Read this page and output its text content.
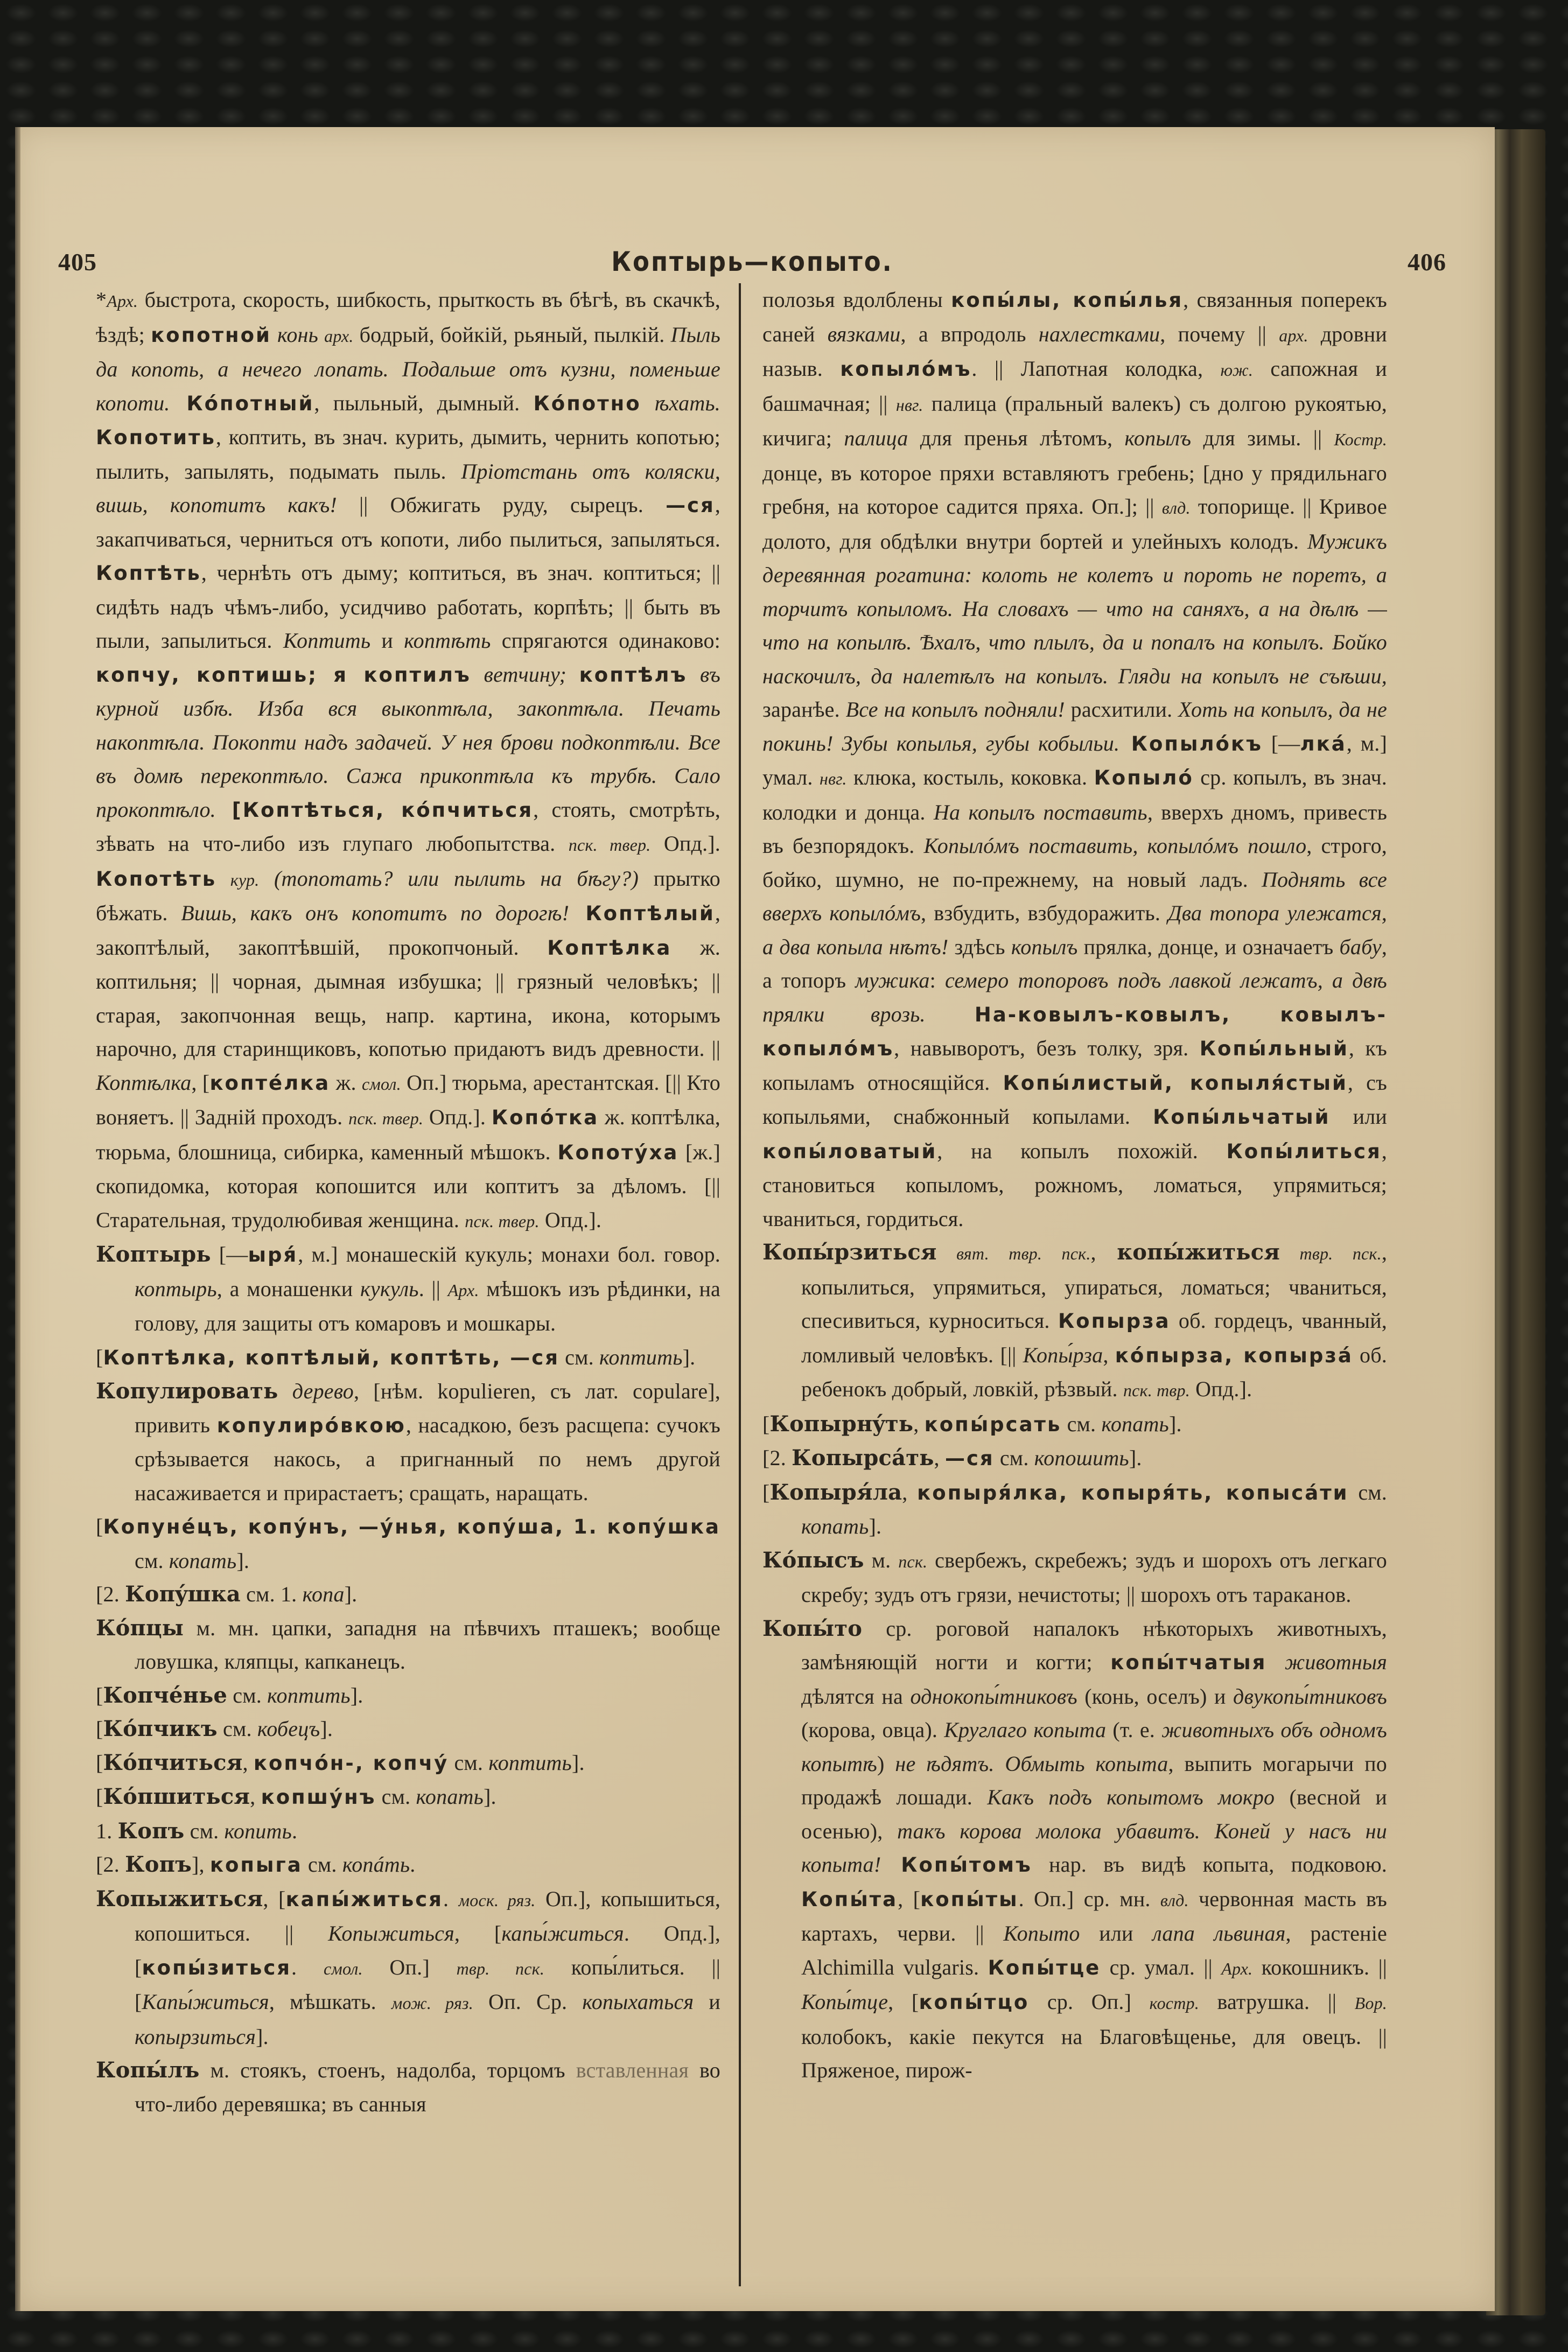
405	Коптырь—копыто.	406

*Арх. быстрота, скорость, шибкость, прыткость въ бѣгѣ, въ скачкѣ, ѣздѣ; копотной конь арх. бодрый, бойкій, рьяный, пылкій. Пыль да копоть, а нечего лопать. Подальше отъ кузни, поменьше копоти. Кóпотный, пыльный, дымный. Кóпотно ѣхать. Копотить, коптить, въ знач. курить, дымить, чернить копотью; пылить, запылять, подымать пыль. Пріотстань отъ коляски, вишь, копотитъ какъ! || Обжигать руду, сырецъ. —ся, закапчиваться, черниться отъ копоти, либо пылиться, запыляться. Коптѣть, чернѣть отъ дыму; коптиться, въ знач. коптиться; || сидѣть надъ чѣмъ-либо, усидчиво работать, корпѣть; || быть въ пыли, запылиться. Коптить и коптѣть спрягаются одинаково: копчу, коптишь; я коптилъ ветчину; коптѣлъ въ курной избѣ. Изба вся выкоптѣла, закоптѣла. Печать накоптѣла. Покопти надъ задачей. У нея брови подкоптѣли. Все въ домѣ перекоптѣло. Сажа прикоптѣла къ трубѣ. Сало прокоптѣло. [Коптѣться, кóпчиться, стоять, смотрѣть, зѣвать на что-либо изъ глупаго любопытства. пск. твер. Опд.]. Копотѣть кур. (топотать? или пылить на бѣгу?) прытко бѣжать. Вишь, какъ онъ копотитъ по дорогѣ! Коптѣлый, закоптѣлый, закоптѣвшій, прокопчоный. Коптѣлка ж. коптильня; || чорная, дымная избушка; || грязный человѣкъ; || старая, закопчонная вещь, напр. картина, икона, которымъ нарочно, для старинщиковъ, копотью придаютъ видъ древности. || Коптѣлка, [коптéлка ж. смол. Оп.] тюрьма, арестантская. [|| Кто воняетъ. || Задній проходъ. пск. твер. Опд.]. Копóтка ж. коптѣлка, тюрьма, блошница, сибирка, каменный мѣшокъ. Копотýха [ж.] скопидомка, которая копошится или коптитъ за дѣломъ. [|| Старательная, трудолюбивая женщина. пск. твер. Опд.].

Коптырь [—ыря́, м.] монашескій кукуль; монахи бол. говор. коптырь, а монашенки кукуль. || Арх. мѣшокъ изъ рѣдинки, на голову, для защиты отъ комаровъ и мошкары.

[Коптѣлка, коптѣлый, коптѣть, —ся см. коптить].

Копулировать дерево, [нѣм. kopulieren, съ лат. copulare], привить копулирóвкою, насадкою, безъ расщепа: сучокъ срѣзывается накось, а пригнанный по немъ другой насаживается и прирастаетъ; сращать, наращать.

[Копунéцъ, копýнъ, —ýнья, копýша, 1. копýшка см. копать].

[2. Копýшка см. 1. копа].

Кóпцы м. мн. цапки, западня на пѣвчихъ пташекъ; вообще ловушка, кляпцы, капканецъ.

[Копчéнье см. коптить].

[Кóпчикъ см. кобецъ].

[Кóпчиться, копчóн-, копчý см. коптить].

[Кóпшиться, копшýнъ см. копать].

1. Копъ см. копить.

[2. Копъ], копыга см. копáть.

Копыжиться, [капы́житься. моск. ряз. Оп.], копышиться, копошиться. || Копыжиться, [капы́житься. Опд.], [копы́зиться. смол. Оп.] твр. пск. копы́литься. || [Капы́житься, мѣшкать. мож. ряз. Оп. Ср. копыхаться и копырзиться].

Копы́лъ м. стоякъ, стоенъ, надолба, торцомъ вставленная во что-либо деревяшка; въ санныя

полозья вдолблены копы́лы, копы́лья, связанныя поперекъ саней вязками, а впродоль нахлестками, почему || арх. дровни назыв. копылóмъ. || Лапотная колодка, юж. сапожная и башмачная; || нвг. палица (пральный валекъ) съ долгою рукоятью, кичига; палица для пренья лѣтомъ, копылъ для зимы. || Костр. донце, въ которое пряхи вставляютъ гребень; [дно у прядильнаго гребня, на которое садится пряха. Оп.]; || влд. топорище. || Кривое долото, для обдѣлки внутри бортей и улейныхъ колодъ. Мужикъ деревянная рогатина: колоть не колетъ и пороть не поретъ, а торчитъ копыломъ. На словахъ — что на саняхъ, а на дѣлѣ — что на копылѣ. Ѣхалъ, что плылъ, да и попалъ на копылъ. Бойко наскочилъ, да налетѣлъ на копылъ. Гляди на копылъ не съѣши, заранѣе. Все на копылъ подняли! расхитили. Хоть на копылъ, да не покинь! Зубы копылья, губы кобыльи. Копылóкъ [—лкá, м.] умал. нвг. клюка, костыль, коковка. Копылó ср. копылъ, въ знач. колодки и донца. На копылъ поставить, вверхъ дномъ, привесть въ безпорядокъ. Копылóмъ поставить, копылóмъ пошло, строго, бойко, шумно, не по-прежнему, на новый ладъ. Поднять все вверхъ копылóмъ, взбудить, взбудоражить. Два топора улежатся, а два копыла нѣтъ! здѣсь копылъ прялка, донце, и означаетъ бабу, а топоръ мужика: семеро топоровъ подъ лавкой лежатъ, а двѣ прялки врозь. На-ковылъ-ковылъ, ковылъ-копылóмъ, навыворотъ, безъ толку, зря. Копы́льный, къ копыламъ относящійся. Копы́листый, копыля́стый, съ копыльями, снабжонный копылами. Копы́льчатый или копы́ловатый, на копылъ похожій. Копы́литься, становиться копыломъ, рожномъ, ломаться, упрямиться; чваниться, гордиться.

Копы́рзиться вят. твр. пск., копы́житься твр. пск., копылиться, упрямиться, упираться, ломаться; чваниться, спесивиться, курноситься. Копырза об. гордецъ, чванный, ломливый человѣкъ. [|| Копы́рза, кóпырза, копырзá об. ребенокъ добрый, ловкій, рѣзвый. пск. твр. Опд.].

[Копырнýть, копы́рсать см. копать].

[2. Копырсáть, —ся см. копошить].

[Копыря́ла, копыря́лка, копыря́ть, копысáти см. копать].

Кóпысъ м. пск. свербежъ, скребежъ; зудъ и шорохъ отъ легкаго скребу; зудъ отъ грязи, нечистоты; || шорохъ отъ тараканов.

Копы́то ср. роговой напалокъ нѣкоторыхъ животныхъ, замѣняющій ногти и когти; копы́тчатыя животныя дѣлятся на однокопы́тниковъ (конь, оселъ) и двукопы́тниковъ (корова, овца). Круглаго копыта (т. е. животныхъ объ одномъ копытѣ) не ѣдятъ. Обмыть копыта, выпить могарычи по продажѣ лошади. Какъ подъ копытомъ мокро (весной и осенью), такъ корова молока убавитъ. Коней у насъ ни копыта! Копы́томъ нар. въ видѣ копыта, подковою. Копы́та, [копы́ты. Оп.] ср. мн. влд. червонная масть въ картахъ, черви. || Копыто или лапа львиная, растеніе Alchimilla vulgaris. Копы́тце ср. умал. || Арх. кокошникъ. || Копы́тце, [копы́тцо ср. Оп.] костр. ватрушка. || Вор. колобокъ, какіе пекутся на Благовѣщенье, для овецъ. || Пряженое, пирож-
